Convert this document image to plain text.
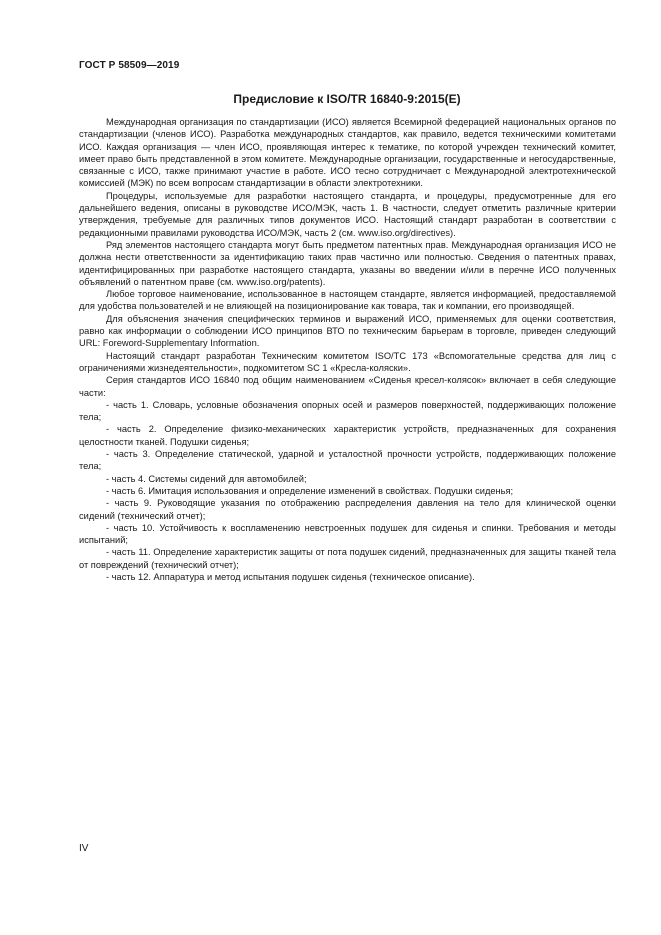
ГОСТ Р 58509—2019
Предисловие к ISO/TR 16840-9:2015(E)

Международная организация по стандартизации (ИСО) является Всемирной федерацией национальных органов по стандартизации (членов ИСО). Разработка международных стандартов, как правило, ведется техническими комитетами ИСО. Каждая организация — член ИСО, проявляющая интерес к тематике, по которой учрежден технический комитет, имеет право быть представленной в этом комитете. Международные организации, государственные и негосударственные, связанные с ИСО, также принимают участие в работе. ИСО тесно сотрудничает с Международной электротехнической комиссией (МЭК) по всем вопросам стандартизации в области электротехники.

Процедуры, используемые для разработки настоящего стандарта, и процедуры, предусмотренные для его дальнейшего ведения, описаны в руководстве ИСО/МЭК, часть 1. В частности, следует отметить различные критерии утверждения, требуемые для различных типов документов ИСО. Настоящий стандарт разработан в соответствии с редакционными правилами руководства ИСО/МЭК, часть 2 (см. www.iso.org/directives).

Ряд элементов настоящего стандарта могут быть предметом патентных прав. Международная организация ИСО не должна нести ответственности за идентификацию таких прав частично или полностью. Сведения о патентных правах, идентифицированных при разработке настоящего стандарта, указаны во введении и/или в перечне ИСО полученных объявлений о патентном праве (см. www.iso.org/patents).

Любое торговое наименование, использованное в настоящем стандарте, является информацией, предоставляемой для удобства пользователей и не влияющей на позиционирование как товара, так и компании, его производящей.

Для объяснения значения специфических терминов и выражений ИСО, применяемых для оценки соответствия, равно как информации о соблюдении ИСО принципов ВТО по техническим барьерам в торговле, приведен следующий URL: Foreword-Supplementary Information.

Настоящий стандарт разработан Техническим комитетом ISO/TC 173 «Вспомогательные средства для лиц с ограничениями жизнедеятельности», подкомитетом SC 1 «Кресла-коляски».

Серия стандартов ИСО 16840 под общим наименованием «Сиденья кресел-колясок» включает в себя следующие части:

- часть 1. Словарь, условные обозначения опорных осей и размеров поверхностей, поддерживающих положение тела;

- часть 2. Определение физико-механических характеристик устройств, предназначенных для сохранения целостности тканей. Подушки сиденья;

- часть 3. Определение статической, ударной и усталостной прочности устройств, поддерживающих положение тела;

- часть 4. Системы сидений для автомобилей;

- часть 6. Имитация использования и определение изменений в свойствах. Подушки сиденья;

- часть 9. Руководящие указания по отображению распределения давления на тело для клинической оценки сидений (технический отчет);

- часть 10. Устойчивость к воспламенению невстроенных подушек для сиденья и спинки. Требования и методы испытаний;

- часть 11. Определение характеристик защиты от пота подушек сидений, предназначенных для защиты тканей тела от повреждений (технический отчет);

- часть 12. Аппаратура и метод испытания подушек сиденья (техническое описание).

IV
